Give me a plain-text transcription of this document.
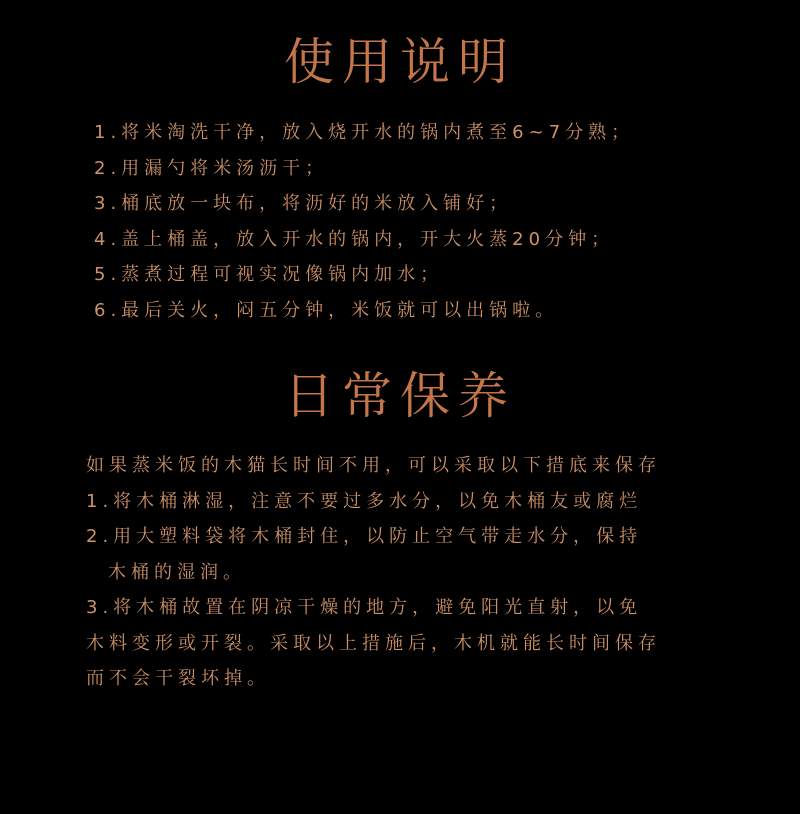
使用说明
1.将米淘洗干净，放入烧开水的锅内煮至6~7分熟；
2.用漏勺将米汤沥干；
3.桶底放一块布，将沥好的米放入铺好；
4.盖上桶盖，放入开水的锅内，开大火蒸20分钟；
5.蒸煮过程可视实况像锅内加水；
6.最后关火，闷五分钟，米饭就可以出锅啦。
日常保养
如果蒸米饭的木猫长时间不用，可以采取以下措底来保存
1.将木桶淋湿，注意不要过多水分，以免木桶友或腐烂
2.用大塑料袋将木桶封住，以防止空气带走水分，保持
木桶的湿润。
3.将木桶故置在阴凉干燥的地方，避免阳光直射，以免
木料变形或开裂。采取以上措施后，木机就能长时间保存
而不会干裂坏掉。
